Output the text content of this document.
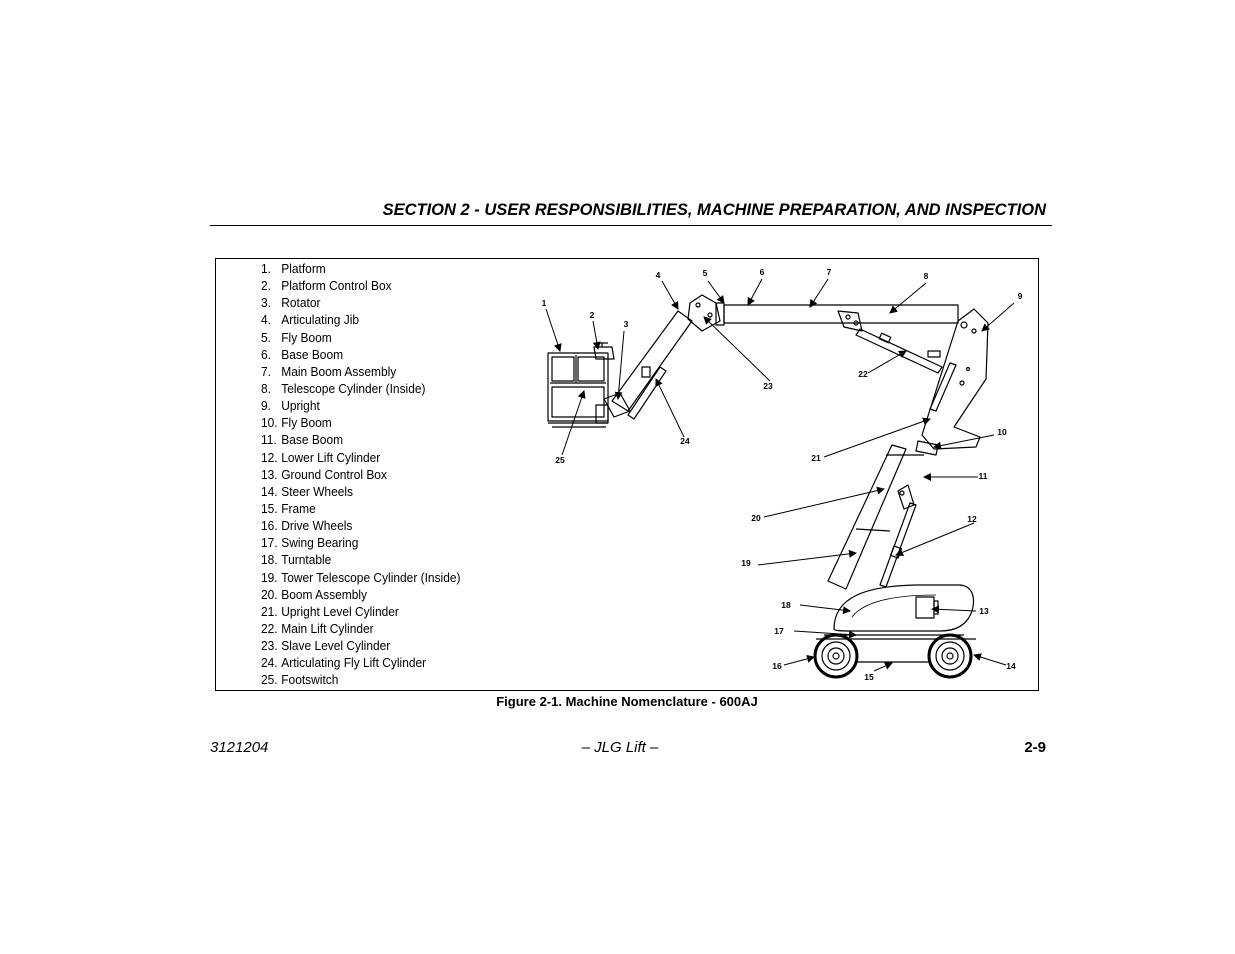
SECTION 2 - USER RESPONSIBILITIES, MACHINE PREPARATION, AND INSPECTION
1. Platform
2. Platform Control Box
3. Rotator
4. Articulating Jib
5. Fly Boom
6. Base Boom
7. Main Boom Assembly
8. Telescope Cylinder (Inside)
9. Upright
10. Fly Boom
11. Base Boom
12. Lower Lift Cylinder
13. Ground Control Box
14. Steer Wheels
15. Frame
16. Drive Wheels
17. Swing Bearing
18. Turntable
19. Tower Telescope Cylinder (Inside)
20. Boom Assembly
21. Upright Level Cylinder
22. Main Lift Cylinder
23. Slave Level Cylinder
24. Articulating Fly Lift Cylinder
25. Footswitch
1
2
3
4	5	6	7	8
9
10
11
12
13
14
15
16
17
18
19
20
21
22
23
24
25
Figure 2-1. Machine Nomenclature - 600AJ
3121204	– JLG Lift –	2-9
